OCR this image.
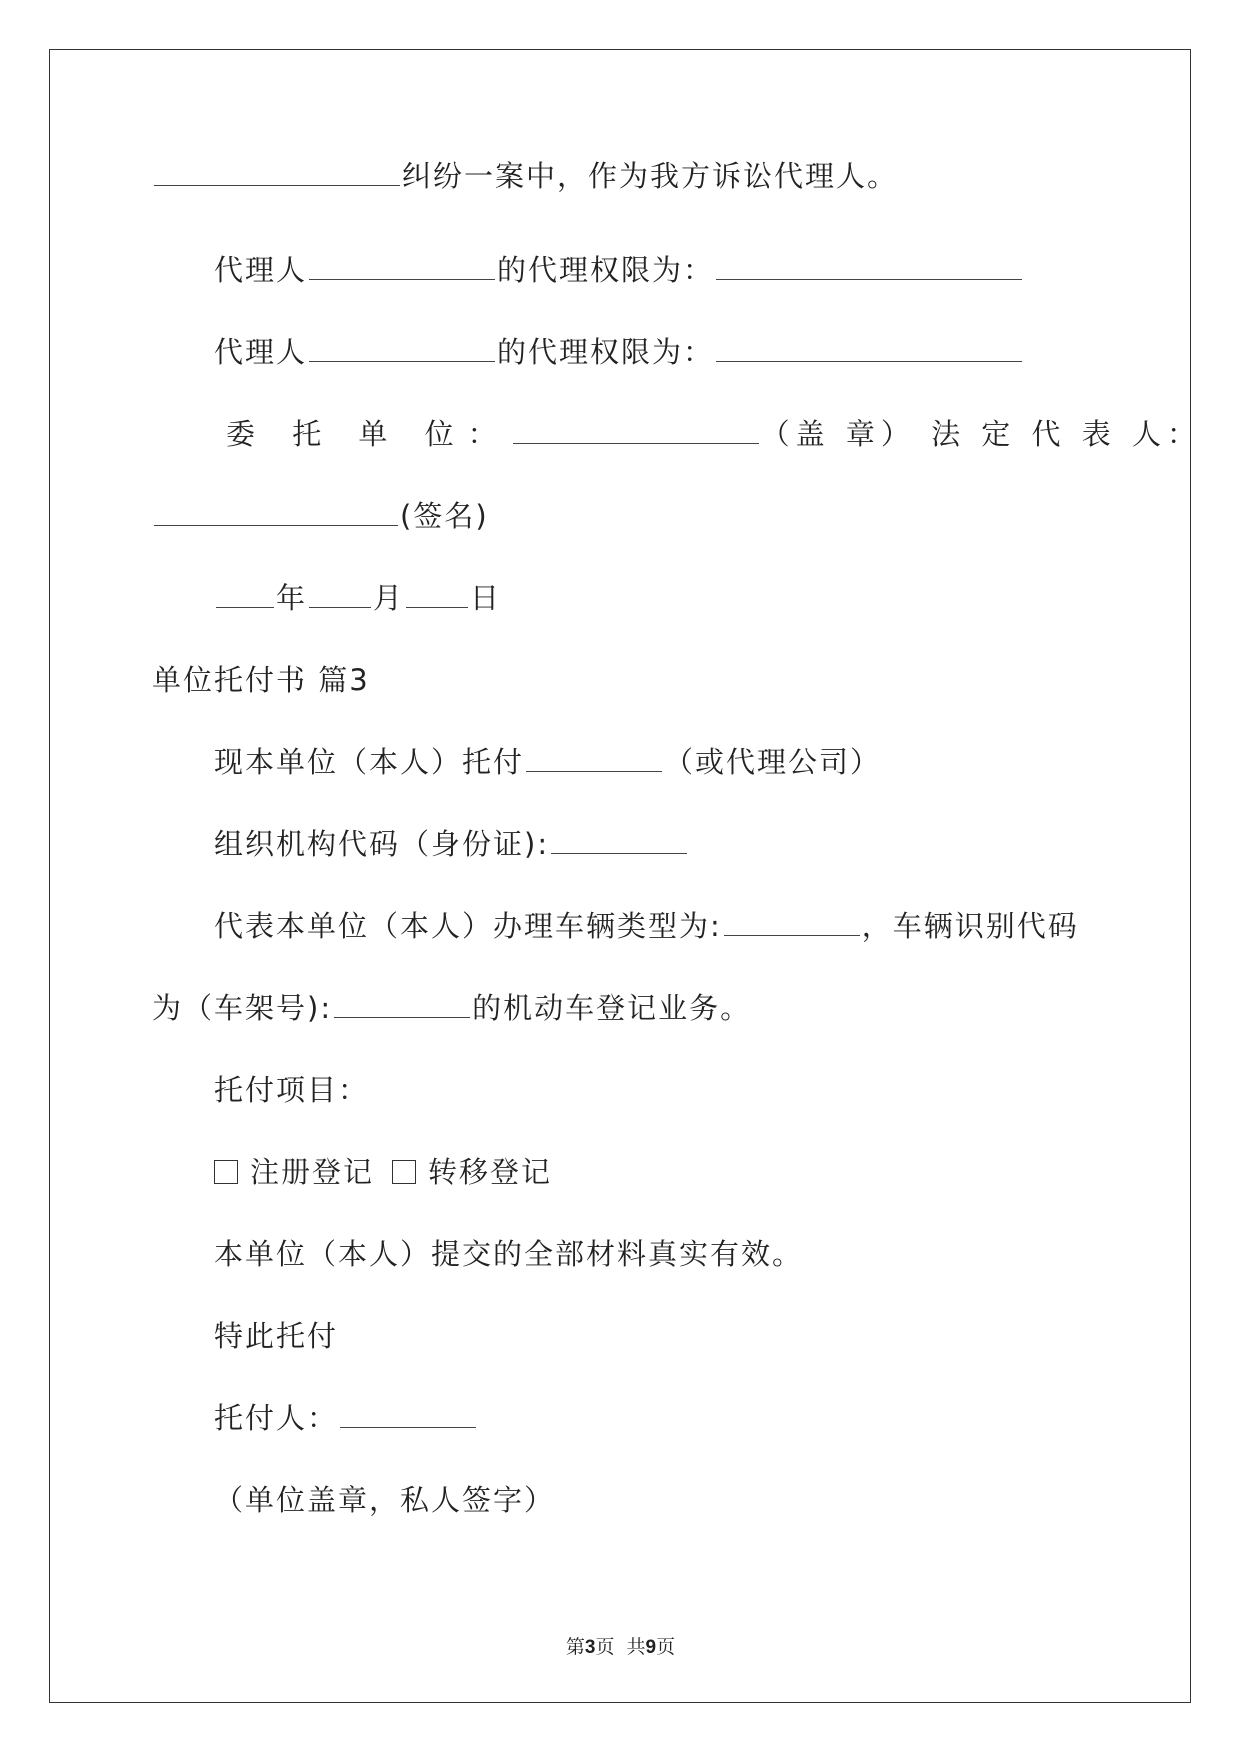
纠纷一案中，作为我方诉讼代理人。
代理人	的代理权限为：
代理人	的代理权限为：
委 托 单 位：	（盖 章） 法 定 代 表 人：
(签名)
年 月 日
单位托付书 篇3
现本单位（本人）托付	（或代理公司）
组织机构代码（身份证):
代表本单位（本人）办理车辆类型为:	，车辆识别代码
为（车架号):	的机动车登记业务。
托付项目：
注册登记 转移登记
本单位（本人）提交的全部材料真实有效。
特此托付
托付人：
（单位盖章，私人签字）
第3页  共9页
